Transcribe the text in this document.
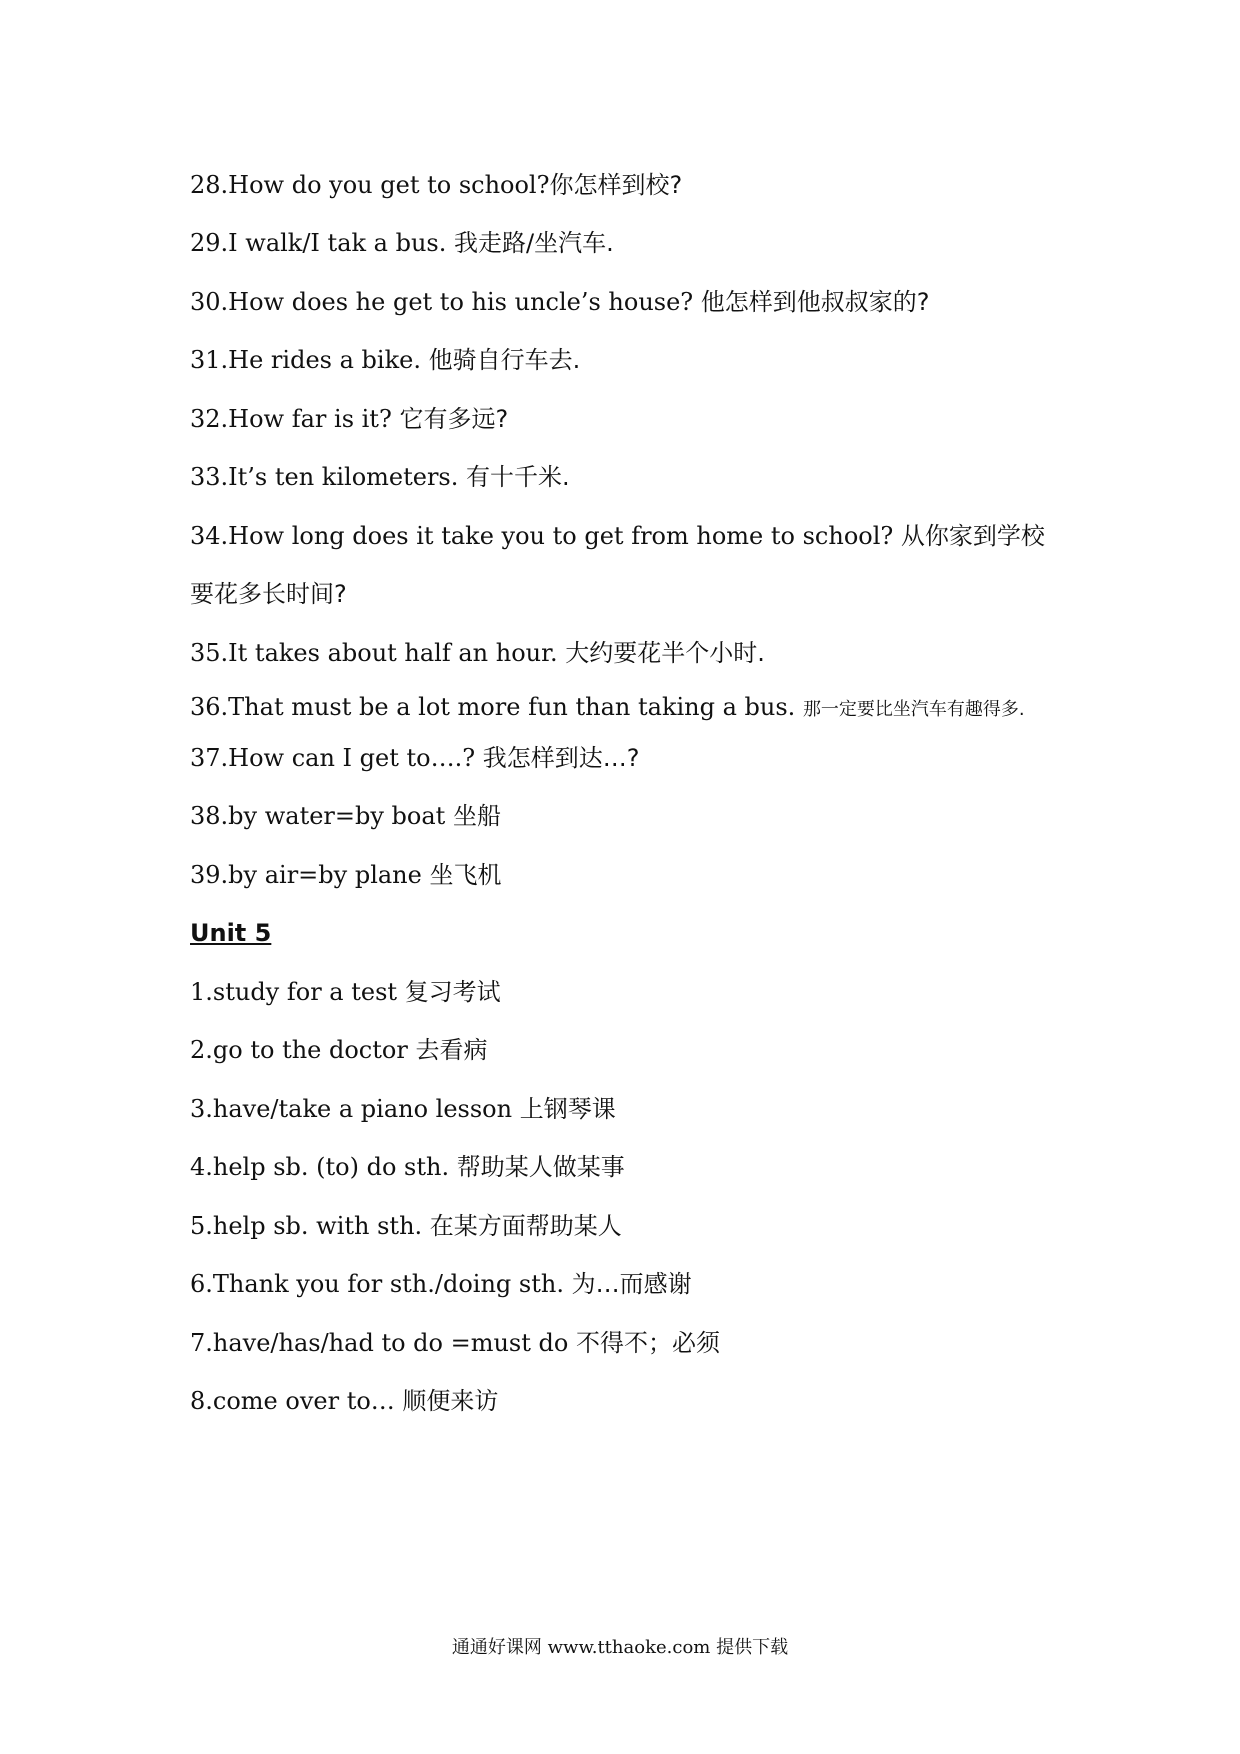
28.How do you get to school?你怎样到校?
29.I walk/I tak a bus. 我走路/坐汽车.
30.How does he get to his uncle’s house? 他怎样到他叔叔家的?
31.He rides a bike. 他骑自行车去.
32.How far is it? 它有多远?
33.It’s ten kilometers. 有十千米.
34.How long does it take you to get from home to school? 从你家到学校
要花多长时间?
35.It takes about half an hour. 大约要花半个小时.
36.That must be a lot more fun than taking a bus. 那一定要比坐汽车有趣得多.
37.How can I get to….? 我怎样到达…?
38.by water=by boat 坐船
39.by air=by plane 坐飞机
Unit 5
1.study for a test 复习考试
2.go to the doctor 去看病
3.have/take a piano lesson 上钢琴课
4.help sb. (to) do sth. 帮助某人做某事
5.help sb. with sth. 在某方面帮助某人
6.Thank you for sth./doing sth. 为…而感谢
7.have/has/had to do =must do 不得不；必须
8.come over to… 顺便来访
通通好课网 www.tthaoke.com 提供下载
